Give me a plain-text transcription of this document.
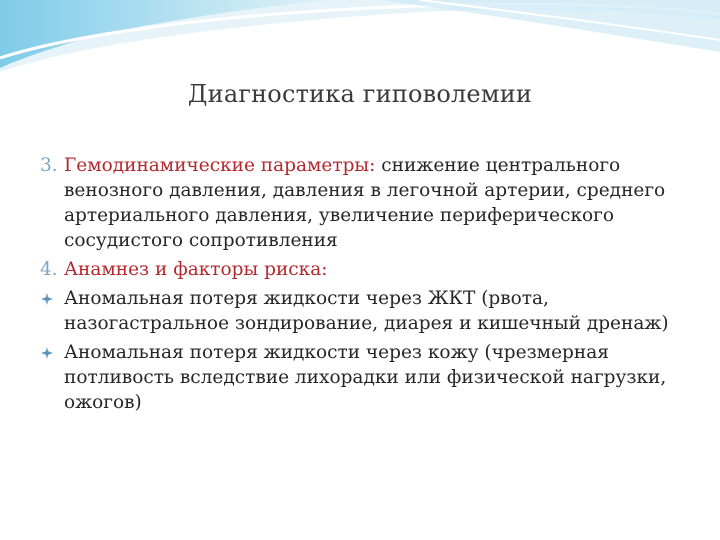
Диагностика гиповолемии
3. Гемодинамические параметры: снижение центрального венозного давления, давления в легочной артерии, среднего артериального давления, увеличение периферического сосудистого сопротивления
4. Анамнез и факторы риска:
Аномальная потеря жидкости через ЖКТ (рвота, назогастральное зондирование, диарея и кишечный дренаж)
Аномальная потеря жидкости через кожу (чрезмерная потливость вследствие лихорадки или физической нагрузки, ожогов)
